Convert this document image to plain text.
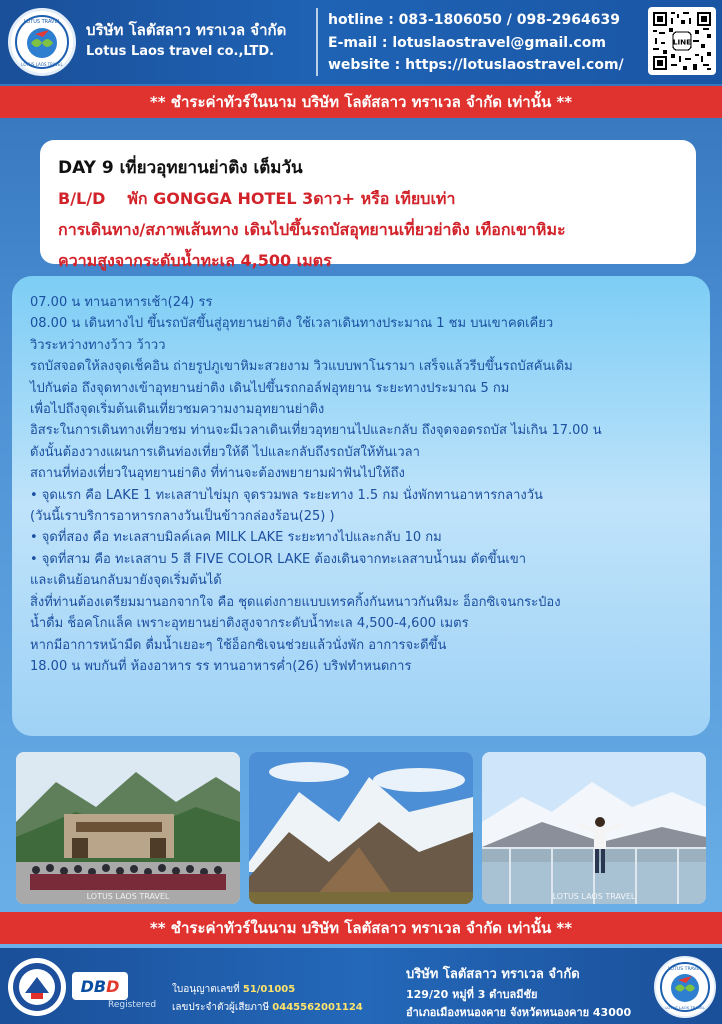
LOTUS TRAVEL
LOTUS LAOS TRAVEL
บริษัท โลตัสลาว ทราเวล จำกัด
Lotus Laos travel co.,LTD.
hotline : 083-1806050 / 098-2964639
E-mail : lotuslaostravel@gmail.com
website : https://lotuslaostravel.com/
LINE
** ชำระค่าทัวร์ในนาม บริษัท โลตัสลาว ทราเวล จำกัด เท่านั้น **
DAY 9 เที่ยวอุทยานย่าติง เต็มวัน
B/L/D พัก GONGGA HOTEL 3ดาว+ หรือ เทียบเท่า
การเดินทาง/สภาพเส้นทาง เดินไปขึ้นรถบัสอุทยานเที่ยวย่าติง เทือกเขาหิมะ
ความสูงจากระดับน้ำทะเล 4,500 เมตร
07.00 น ทานอาหารเช้า(24) รร
08.00 น เดินทางไป ขึ้นรถบัสขึ้นสู่อุทยานย่าติง ใช้เวลาเดินทางประมาณ 1 ชม บนเขาคดเคียว
วิวระหว่างทางว้าว ว้าวว
รถบัสจอดให้ลงจุดเช็คอิน ถ่ายรูปภูเขาหิมะสวยงาม วิวแบบพาโนรามา เสร็จแล้วรีบขึ้นรถบัสคันเดิม
ไปกันต่อ ถึงจุดทางเข้าอุทยานย่าติง เดินไปขึ้นรถกอล์ฟอุทยาน ระยะทางประมาณ 5 กม
เพื่อไปถึงจุดเริ่มต้นเดินเที่ยวชมความงามอุทยานย่าติง
อิสระในการเดินทางเที่ยวชม ท่านจะมีเวลาเดินเที่ยวอุทยานไปและกลับ ถึงจุดจอดรถบัส ไม่เกิน 17.00 น
ดังนั้นต้องวางแผนการเดินท่องเที่ยวให้ดี ไปและกลับถึงรถบัสให้ทันเวลา
สถานที่ท่องเที่ยวในอุทยานย่าติง ที่ท่านจะต้องพยายามฝ่าฟันไปให้ถึง
• จุดแรก คือ LAKE 1 ทะเลสาบไข่มุก จุดรวมพล ระยะทาง 1.5 กม นั่งพักทานอาหารกลางวัน
(วันนี้เราบริการอาหารกลางวันเป็นข้าวกล่องร้อน(25) )
• จุดที่สอง คือ ทะเลสาบมิลค์เลค MILK LAKE ระยะทางไปและกลับ 10 กม
• จุดที่สาม คือ ทะเลสาบ 5 สี FIVE COLOR LAKE ต้องเดินจากทะเลสาบน้ำนม ตัดขึ้นเขา
และเดินย้อนกลับมายังจุดเริ่มต้นได้
สิ่งที่ท่านต้องเตรียมมานอกจากใจ คือ ชุดแต่งกายแบบเทรคกิ้งกันหนาวกันหิมะ อ็อกซิเจนกระป๋อง
น้ำดื่ม ช็อคโกแล็ค เพราะอุทยานย่าติงสูงจากระดับน้ำทะเล 4,500-4,600 เมตร
หากมีอาการหน้ามืด ดื่มน้ำเยอะๆ ใช้อ็อกซิเจนช่วยแล้วนั่งพัก อาการจะดีขึ้น
18.00 น พบกันที่ ห้องอาหาร รร ทานอาหารค่ำ(26) บริฟทำหนดการ
LOTUS LAOS TRAVEL	LOTUS LAOS TRAVEL
** ชำระค่าทัวร์ในนาม บริษัท โลตัสลาว ทราเวล จำกัด เท่านั้น **
DB D	ใบอนุญาตเลขที่ 51/01005
เลขประจำตัวผู้เสียภาษี 0445562001124
บริษัท โลตัสลาว ทราเวล จำกัด
129/20 หมู่ที่ 3 ตำบลมีชัย
อำเภอเมืองหนองคาย จังหวัดหนองคาย 43000
Registered
LOTUS TRAVEL
LOTUS LAOS TRAVEL
